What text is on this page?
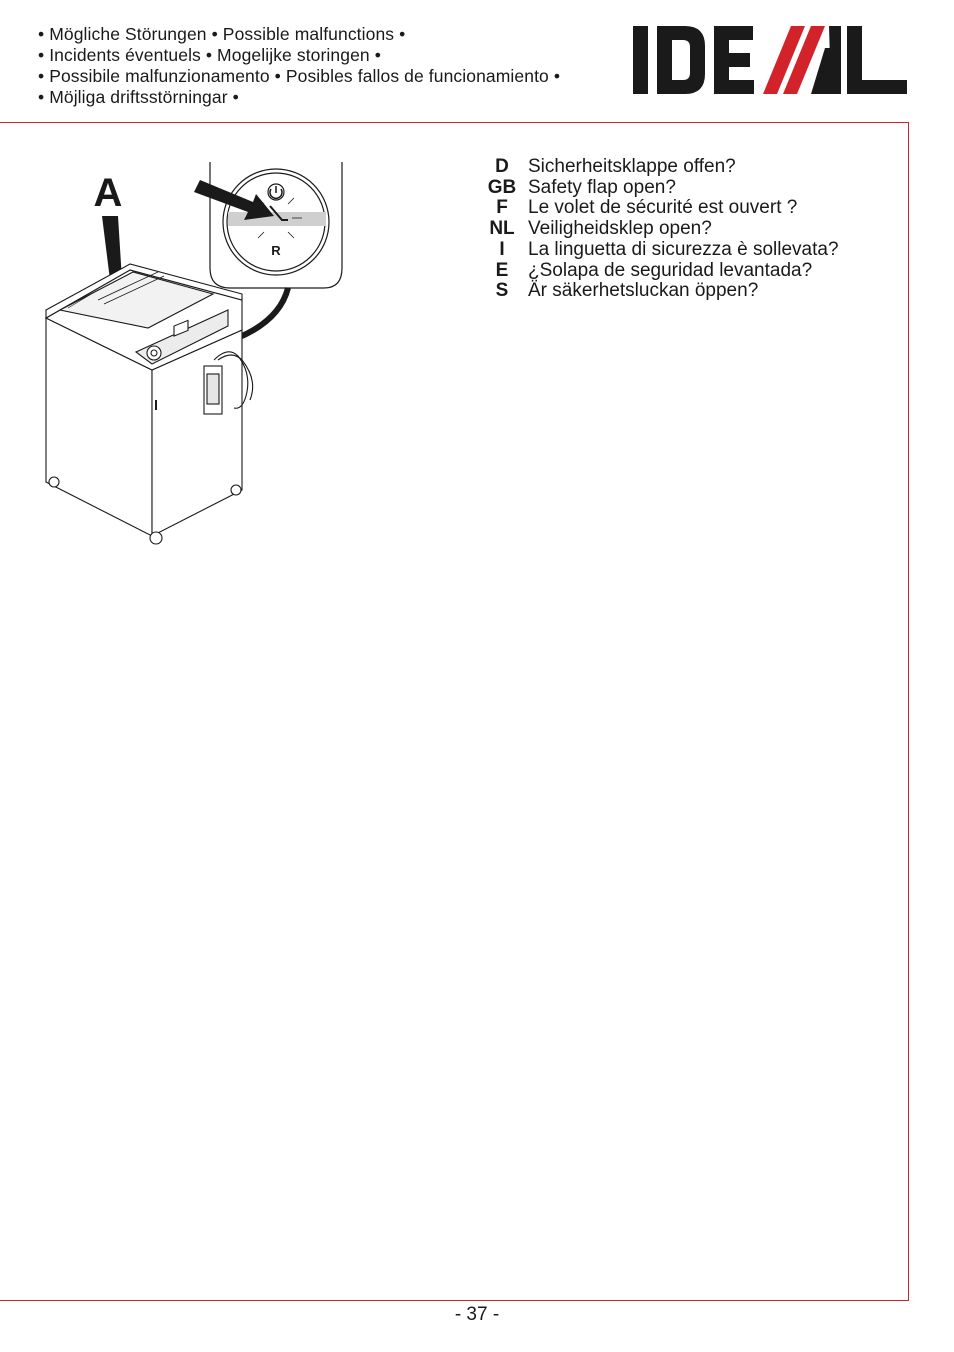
• Mögliche Störungen • Possible malfunctions •
• Incidents éventuels • Mogelijke storingen •
• Possibile malfunzionamento • Posibles fallos de funcionamiento •
• Möjliga driftsstörningar •
R
A
D	Sicherheitsklappe offen?
GB	Safety flap open?
F	Le volet de sécurité est ouvert ?
NL	Veiligheidsklep open?
I	La linguetta di sicurezza è sollevata?
E	¿Solapa de seguridad levantada?
S	Är säkerhetsluckan öppen?
- 37 -
